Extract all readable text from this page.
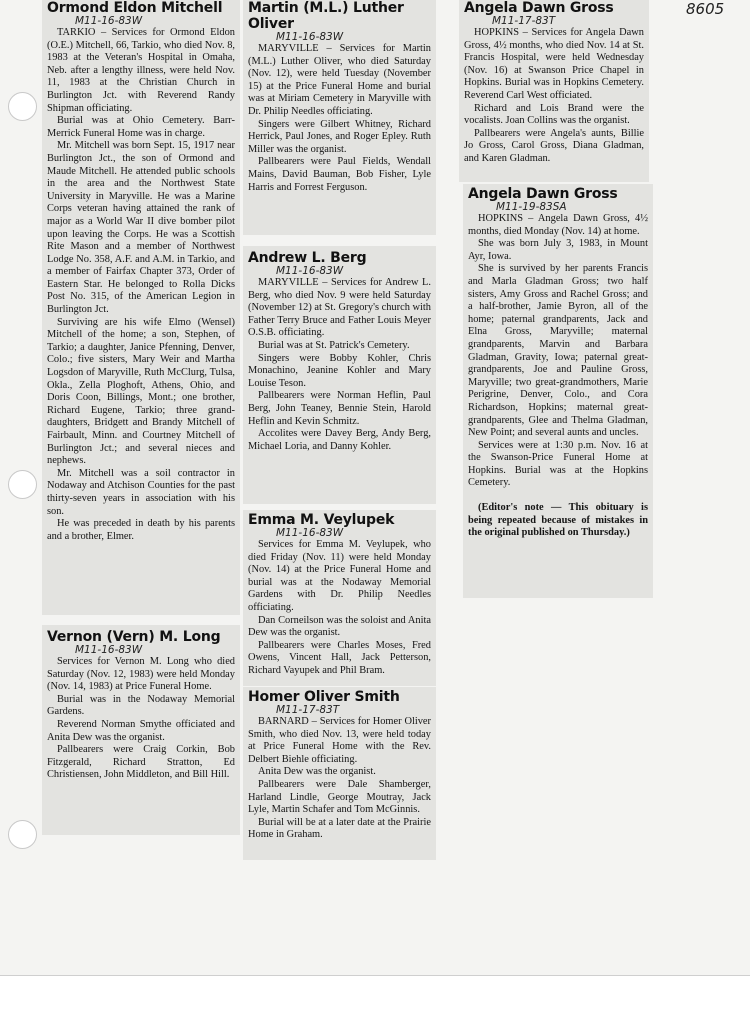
8605
Ormond Eldon Mitchell
M11-16-83W

TARKIO – Services for Ormond Eldon (O.E.) Mitchell, 66, Tarkio, who died Nov. 8, 1983 at the Veteran's Hospital in Omaha, Neb. after a lengthy illness, were held Nov. 11, 1983 at the Christian Church in Burlington Jct. with Reverend Randy Shipman officiating.

Burial was at Ohio Cemetery. Barr-Merrick Funeral Home was in charge.

Mr. Mitchell was born Sept. 15, 1917 near Burlington Jct., the son of Ormond and Maude Mitchell. He attended public schools in the area and the Northwest State University in Maryville. He was a Marine Corps veteran having attained the rank of major as a World War II dive bomber pilot upon leaving the Corps. He was a Scottish Rite Mason and a member of Northwest Lodge No. 358, A.F. and A.M. in Tarkio, and a member of Fairfax Chapter 373, Order of Eastern Star. He belonged to Rolla Dicks Post No. 315, of the American Legion in Burlington Jct.

Surviving are his wife Elmo (Wensel) Mitchell of the home; a son, Stephen, of Tarkio; a daughter, Janice Pfenning, Denver, Colo.; five sisters, Mary Weir and Martha Logsdon of Maryville, Ruth McClurg, Tulsa, Okla., Zella Ploghoft, Athens, Ohio, and Doris Coon, Billings, Mont.; one brother, Richard Eugene, Tarkio; three grand-daughters, Bridgett and Brandy Mitchell of Fairbault, Minn. and Courtney Mitchell of Burlington Jct.; and several nieces and nephews.

Mr. Mitchell was a soil contractor in Nodaway and Atchison Counties for the past thirty-seven years in association with his son.

He was preceded in death by his parents and a brother, Elmer.

Vernon (Vern) M. Long
M11-16-83W

Services for Vernon M. Long who died Saturday (Nov. 12, 1983) were held Monday (Nov. 14, 1983) at Price Funeral Home.

Burial was in the Nodaway Memorial Gardens.

Reverend Norman Smythe officiated and Anita Dew was the organist.

Pallbearers were Craig Corkin, Bob Fitzgerald, Richard Stratton, Ed Christiensen, John Middleton, and Bill Hill.

Martin (M.L.) Luther Oliver
M11-16-83W

MARYVILLE – Services for Martin (M.L.) Luther Oliver, who died Saturday (Nov. 12), were held Tuesday (November 15) at the Price Funeral Home and burial was at Miriam Cemetery in Maryville with Dr. Philip Needles officiating.

Singers were Gilbert Whitney, Richard Herrick, Paul Jones, and Roger Epley. Ruth Miller was the organist.

Pallbearers were Paul Fields, Wendall Mains, David Bauman, Bob Fisher, Lyle Harris and Forrest Ferguson.

Andrew L. Berg
M11-16-83W

MARYVILLE – Services for Andrew L. Berg, who died Nov. 9 were held Saturday (November 12) at St. Gregory's church with Father Terry Bruce and Father Louis Meyer O.S.B. officiating.

Burial was at St. Patrick's Cemetery.

Singers were Bobby Kohler, Chris Monachino, Jeanine Kohler and Mary Louise Teson.

Pallbearers were Norman Heflin, Paul Berg, John Teaney, Bennie Stein, Harold Heflin and Kevin Schmitz.

Accolites were Davey Berg, Andy Berg, Michael Loria, and Danny Kohler.

Emma M. Veylupek
M11-16-83W

Services for Emma M. Veylupek, who died Friday (Nov. 11) were held Monday (Nov. 14) at the Price Funeral Home and burial was at the Nodaway Memorial Gardens with Dr. Philip Needles officiating.

Dan Corneilson was the soloist and Anita Dew was the organist.

Pallbearers were Charles Moses, Fred Owens, Vincent Hall, Jack Petterson, Richard Vayupek and Phil Bram.

Homer Oliver Smith
M11-17-83T

BARNARD – Services for Homer Oliver Smith, who died Nov. 13, were held today at Price Funeral Home with the Rev. Delbert Biehle officiating.

Anita Dew was the organist.

Pallbearers were Dale Shamberger, Harland Lindle, George Moutray, Jack Lyle, Martin Schafer and Tom McGinnis.

Burial will be at a later date at the Prairie Home in Graham.

Angela Dawn Gross
M11-17-83T

HOPKINS – Services for Angela Dawn Gross, 4½ months, who died Nov. 14 at St. Francis Hospital, were held Wednesday (Nov. 16) at Swanson Price Chapel in Hopkins. Burial was in Hopkins Cemetery. Reverend Carl West officiated.

Richard and Lois Brand were the vocalists. Joan Collins was the organist.

Pallbearers were Angela's aunts, Billie Jo Gross, Carol Gross, Diana Gladman, and Karen Gladman.

Angela Dawn Gross
M11-19-83SA

HOPKINS – Angela Dawn Gross, 4½ months, died Monday (Nov. 14) at home.

She was born July 3, 1983, in Mount Ayr, Iowa.

She is survived by her parents Francis and Marla Gladman Gross; two half sisters, Amy Gross and Rachel Gross; and a half-brother, Jamie Byron, all of the home; paternal grandparents, Jack and Elna Gross, Maryville; maternal grandparents, Marvin and Barbara Gladman, Gravity, Iowa; paternal great-grandparents, Joe and Pauline Gross, Maryville; two great-grandmothers, Marie Perigrine, Denver, Colo., and Cora Richardson, Hopkins; maternal great-grandparents, Glee and Thelma Gladman, New Point; and several aunts and uncles.

Services were at 1:30 p.m. Nov. 16 at the Swanson-Price Funeral Home at Hopkins. Burial was at the Hopkins Cemetery.

(Editor's note — This obituary is being repeated because of mistakes in the original published on Thursday.)
